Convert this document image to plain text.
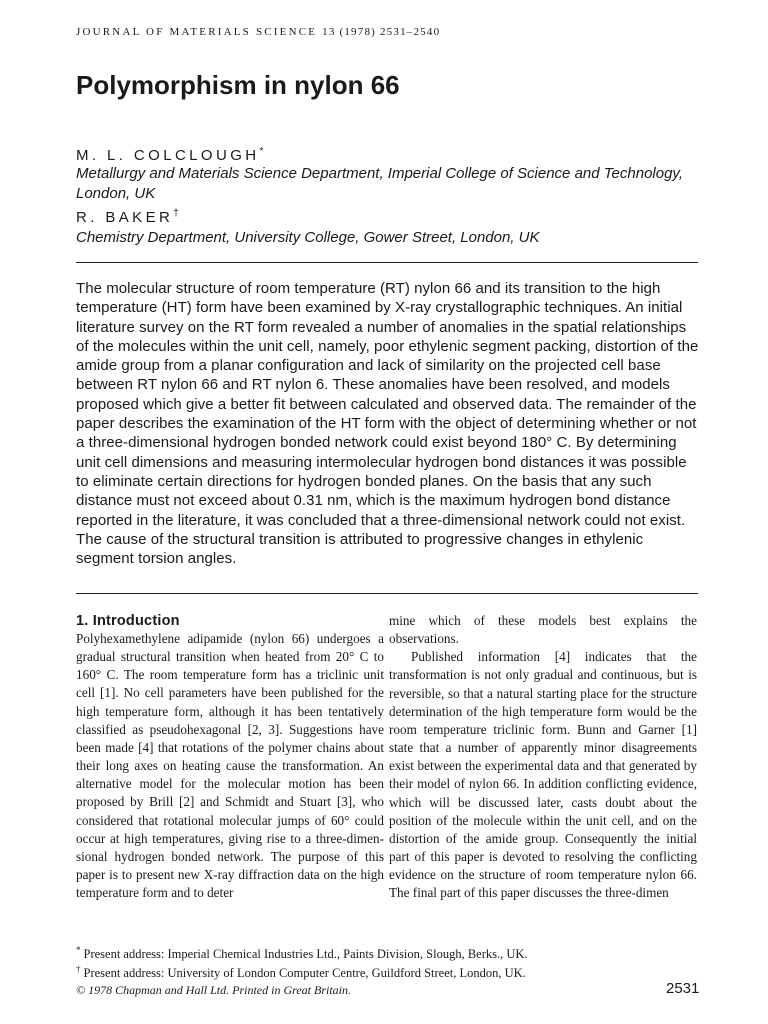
JOURNAL OF MATERIALS SCIENCE 13 (1978) 2531–2540
Polymorphism in nylon 66
M. L. COLCLOUGH*
Metallurgy and Materials Science Department, Imperial College of Science and Technology, London, UK
R. BAKER†
Chemistry Department, University College, Gower Street, London, UK

The molecular structure of room temperature (RT) nylon 66 and its transition to the high temperature (HT) form have been examined by X-ray crystallographic techniques. An initial literature survey on the RT form revealed a number of anomalies in the spatial relationships of the molecules within the unit cell, namely, poor ethylenic segment packing, distortion of the amide group from a planar configuration and lack of similarity on the projected cell base between RT nylon 66 and RT nylon 6. These anomalies have been resolved, and models proposed which give a better fit between calculated and observed data. The remainder of the paper describes the examination of the HT form with the object of determining whether or not a three-dimensional hydrogen bonded network could exist beyond 180° C. By determining unit cell dimensions and measuring intermolecular hydrogen bond distances it was possible to eliminate certain directions for hydrogen bonded planes. On the basis that any such distance must not exceed about 0.31 nm, which is the maximum hydrogen bond distance reported in the literature, it was concluded that a three-dimensional network could not exist. The cause of the structural transition is attributed to progressive changes in ethylenic segment torsion angles.

1. Introduction

Polyhexamethylene adipamide (nylon 66) undergoes a gradual structural transition when heated from 20° C to 160° C. The room temperature form has a triclinic unit cell [1]. No cell parameters have been published for the high temperature form, although it has been tentatively classified as pseudohexagonal [2, 3]. Suggestions have been made [4] that rotations of the polymer chains about their long axes on heating cause the transformation. An alternative model for the molecular motion has been proposed by Brill [2] and Schmidt and Stuart [3], who considered that rotational molecular jumps of 60° could occur at high temperatures, giving rise to a three-dimensional hydrogen bonded network. The purpose of this paper is to present new X-ray diffraction data on the high temperature form and to deter

mine which of these models best explains the observations.

Published information [4] indicates that the transformation is not only gradual and continuous, but is reversible, so that a natural starting place for the structure determination of the high temperature form would be the room temperature triclinic form. Bunn and Garner [1] state that a number of apparently minor disagreements exist between the experimental data and that generated by their model of nylon 66. In addition conflicting evidence, which will be discussed later, casts doubt about the position of the molecule within the unit cell, and on the distortion of the amide group. Consequently the initial part of this paper is devoted to resolving the conflicting evidence on the structure of room temperature nylon 66. The final part of this paper discusses the three-dimen

* Present address: Imperial Chemical Industries Ltd., Paints Division, Slough, Berks., UK.
† Present address: University of London Computer Centre, Guildford Street, London, UK.
© 1978 Chapman and Hall Ltd. Printed in Great Britain.	2531
